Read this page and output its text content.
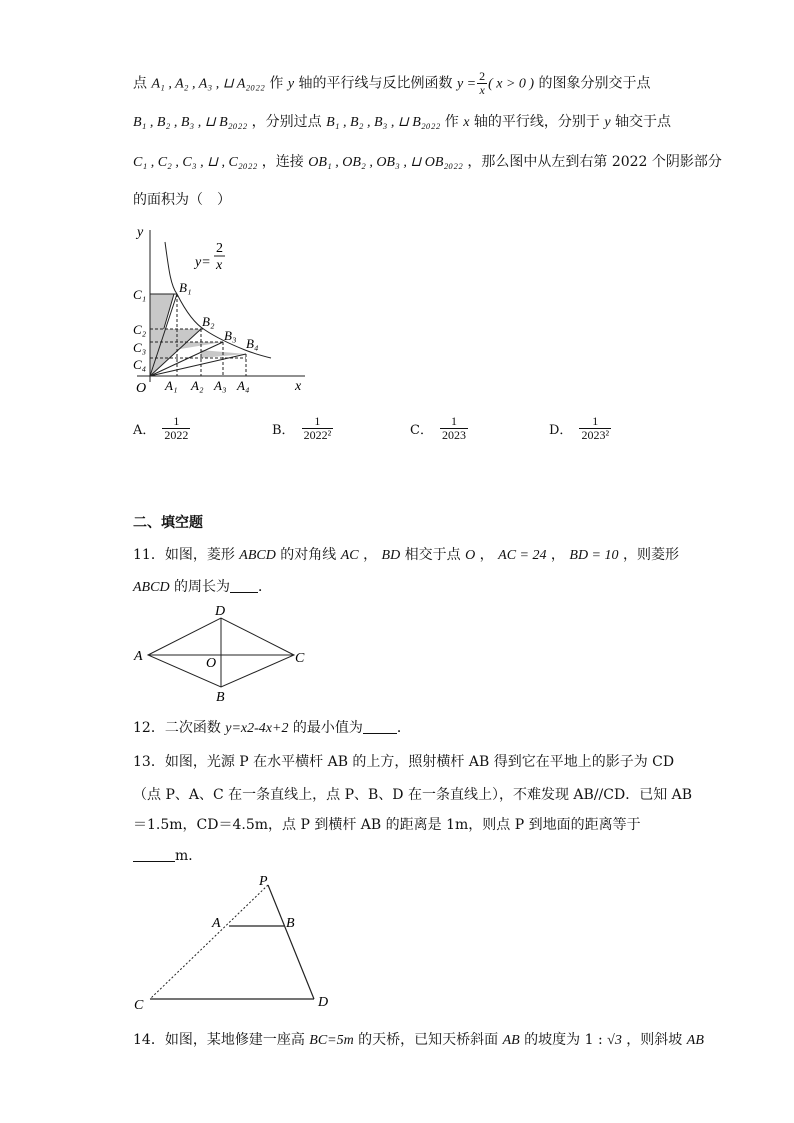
点 A₁ , A₂ , A₃ , ⊔ A₂₀₂₂ 作 y 轴的平行线与反比例函数 $y = \frac{2}{x}$ ( x > 0 ) 的图象分别交于点
B₁ , B₂ , B₃ , ⊔ B₂₀₂₂ ，分别过点 B₁ , B₂ , B₃ , ⊔ B₂₀₂₂ 作 x 轴的平行线，分别于 y 轴交于点
C₁ , C₂ , C₃ , ⊔ , C₂₀₂₂ ，连接 OB₁ , OB₂ , OB₃ , ⊔ OB₂₀₂₂ ，那么图中从左到右第 2022 个阴影部分
的面积为（　）
y
x
O
y=
2
x
B₁
B₂
B₃
B₄
C₁
C₂
C₃
C₄
A₁ A₂ A₃ A₄
A． $\frac{1}{2022}$	B． $\frac{1}{\text{2022²}}$	C． $\frac{1}{2023}$	D． $\frac{1}{\text{2023²}}$
二、填空题
11．如图，菱形 ABCD 的对角线 AC ， BD 相交于点 O ， AC = 24 ， BD = 10 ，则菱形
ABCD 的周长为 ．
A	C
D
B
O
12．二次函数 y=x2-4x+2 的最小值为 ．
13．如图，光源 P 在水平横杆 AB 的上方，照射横杆 AB 得到它在平地上的影子为 CD
（点 P、A、C 在一条直线上，点 P、B、D 在一条直线上），不难发现 AB//CD．已知 AB
＝1.5m，CD＝4.5m，点 P 到横杆 AB 的距离是 1m，则点 P 到地面的距离等于
m．
P
A	B
C	D
14．如图，某地修建一座高 BC=5m 的天桥，已知天桥斜面 AB 的坡度为 1 : √3 ，则斜坡 AB
